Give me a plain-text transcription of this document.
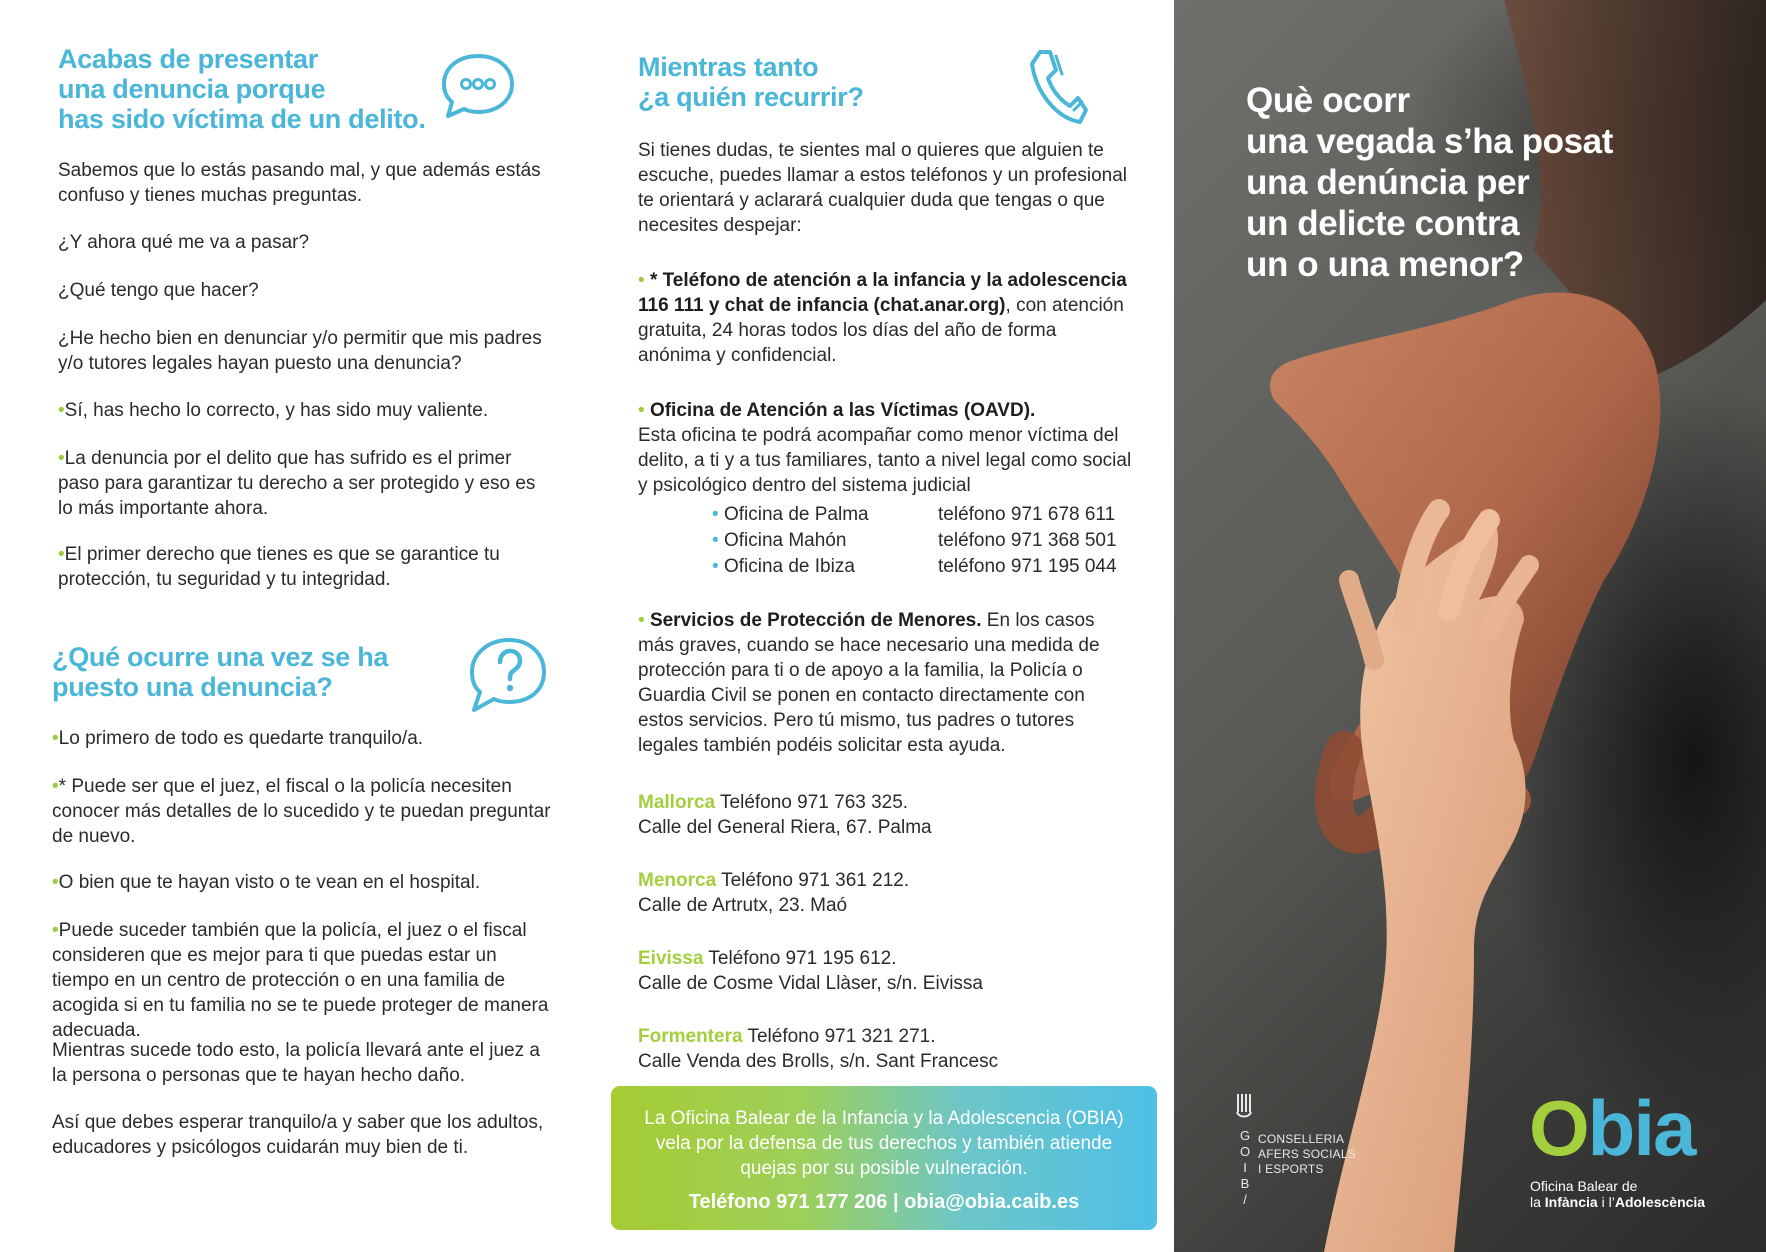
Acabas de presentar
una denuncia porque
has sido víctima de un delito.
Sabemos que lo estás pasando mal, y que además estás confuso y tienes muchas preguntas.
¿Y ahora qué me va a pasar?
¿Qué tengo que hacer?
¿He hecho bien en denunciar y/o permitir que mis padres y/o tutores legales hayan puesto una denuncia?
• Sí, has hecho lo correcto, y has sido muy valiente.
• La denuncia por el delito que has sufrido es el primer paso para garantizar tu derecho a ser protegido y eso es lo más importante ahora.
• El primer derecho que tienes es que se garantice tu protección, tu seguridad y tu integridad.
¿Qué ocurre una vez se ha
puesto una denuncia?
• Lo primero de todo es quedarte tranquilo/a.
• * Puede ser que el juez, el fiscal o la policía necesiten conocer más detalles de lo sucedido y te puedan preguntar de nuevo.
• O bien que te hayan visto o te vean en el hospital.
• Puede suceder también que la policía, el juez o el fiscal consideren que es mejor para ti que puedas estar un tiempo en un centro de protección o en una familia de acogida si en tu familia no se te puede proteger de manera adecuada.
Mientras sucede todo esto, la policía llevará ante el juez a la persona o personas que te hayan hecho daño.
Así que debes esperar tranquilo/a y saber que los adultos, educadores y psicólogos cuidarán muy bien de ti.
Mientras tanto
¿a quién recurrir?
Si tienes dudas, te sientes mal o quieres que alguien te escuche, puedes llamar a estos teléfonos y un profesional te orientará y aclarará cualquier duda que tengas o que necesites despejar:
• * Teléfono de atención a la infancia y la adolescencia 116 111 y chat de infancia (chat.anar.org), con atención gratuita, 24 horas todos los días del año de forma anónima y confidencial.
• Oficina de Atención a las Víctimas (OAVD).
Esta oficina te podrá acompañar como menor víctima del delito, a ti y a tus familiares, tanto a nivel legal como social y psicológico dentro del sistema judicial
• Oficina de Palma	teléfono 971 678 611
• Oficina Mahón	teléfono 971 368 501
• Oficina de Ibiza	teléfono 971 195 044
• Servicios de Protección de Menores. En los casos más graves, cuando se hace necesario una medida de protección para ti o de apoyo a la familia, la Policía o Guardia Civil se ponen en contacto directamente con estos servicios. Pero tú mismo, tus padres o tutores legales también podéis solicitar esta ayuda.
Mallorca Teléfono 971 763 325.
Calle del General Riera, 67. Palma
Menorca Teléfono 971 361 212.
Calle de Artrutx, 23. Maó
Eivissa Teléfono 971 195 612.
Calle de Cosme Vidal Llàser, s/n. Eivissa
Formentera Teléfono 971 321 271.
Calle Venda des Brolls, s/n. Sant Francesc
La Oficina Balear de la Infancia y la Adolescencia (OBIA) vela por la defensa de tus derechos y también atiende quejas por su posible vulneración.
Teléfono 971 177 206 | obia@obia.caib.es
Què ocorr
una vegada s’ha posat
una denúncia per
un delicte contra
un o una menor?
G
O
I
B
/
CONSELLERIA
AFERS SOCIALS
I ESPORTS	Obia
Oficina Balear de
la Infància i l’Adolescència
